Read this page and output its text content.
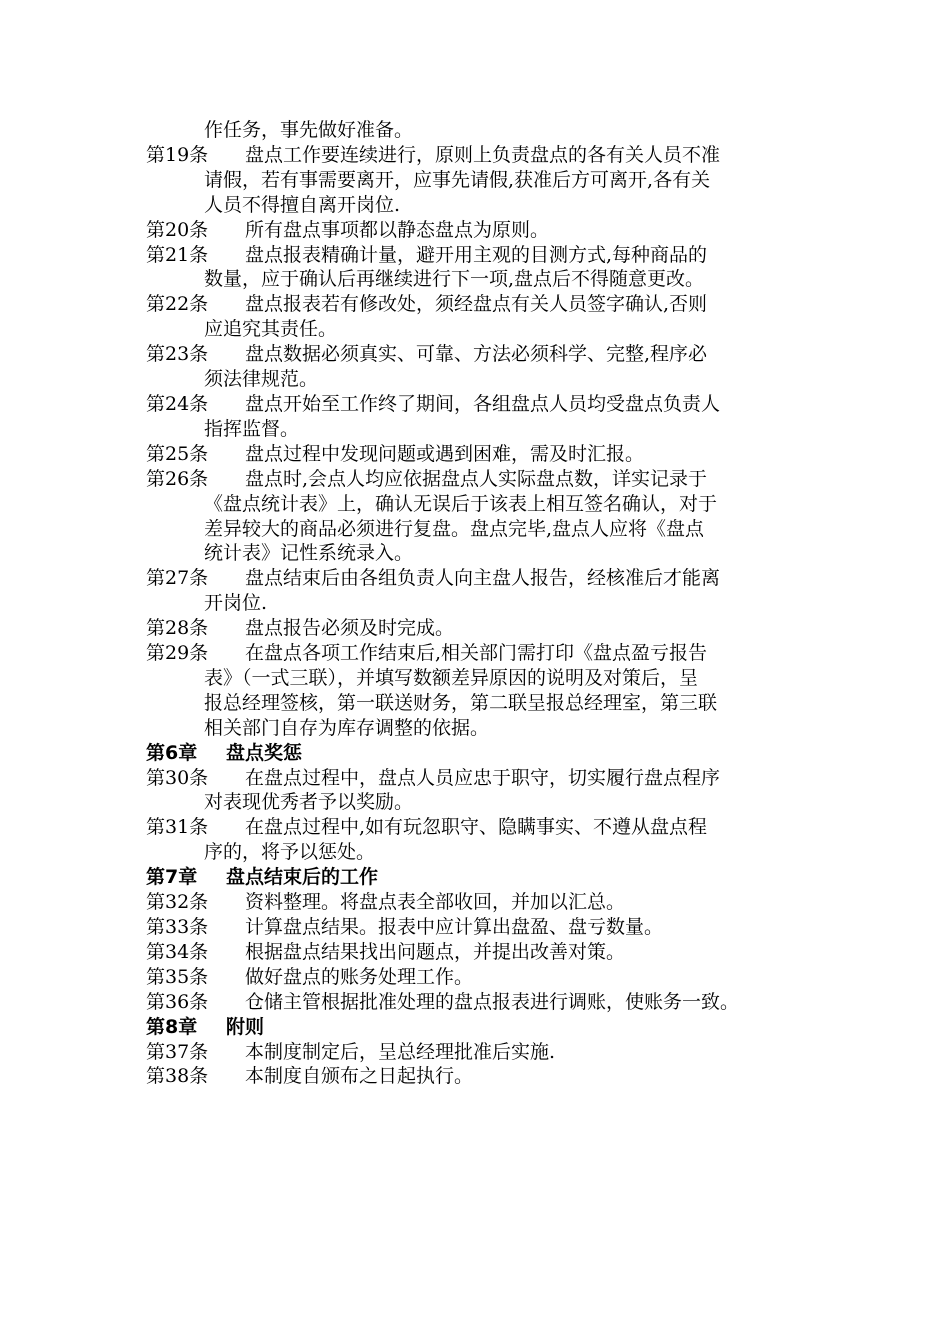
作任务，事先做好准备。
第19条	盘点工作要连续进行，原则上负责盘点的各有关人员不准
请假，若有事需要离开，应事先请假,获准后方可离开,各有关
人员不得擅自离开岗位.
第20条	所有盘点事项都以静态盘点为原则。
第21条	盘点报表精确计量，避开用主观的目测方式,每种商品的
数量，应于确认后再继续进行下一项,盘点后不得随意更改。
第22条	盘点报表若有修改处，须经盘点有关人员签字确认,否则
应追究其责任。
第23条	盘点数据必须真实、可靠、方法必须科学、完整,程序必
须法律规范。
第24条	盘点开始至工作终了期间，各组盘点人员均受盘点负责人
指挥监督。
第25条	盘点过程中发现问题或遇到困难，需及时汇报。
第26条	盘点时,会点人均应依据盘点人实际盘点数，详实记录于
《盘点统计表》上，确认无误后于该表上相互签名确认，对于
差异较大的商品必须进行复盘。盘点完毕,盘点人应将《盘点
统计表》记性系统录入。
第27条	盘点结束后由各组负责人向主盘人报告，经核准后才能离
开岗位.
第28条	盘点报告必须及时完成。
第29条	在盘点各项工作结束后,相关部门需打印《盘点盈亏报告
表》（一式三联），并填写数额差异原因的说明及对策后，呈
报总经理签核，第一联送财务，第二联呈报总经理室，第三联
相关部门自存为库存调整的依据。
第6章	盘点奖惩
第30条	在盘点过程中，盘点人员应忠于职守，切实履行盘点程序
对表现优秀者予以奖励。
第31条	在盘点过程中,如有玩忽职守、隐瞒事实、不遵从盘点程
序的，将予以惩处。
第7章	盘点结束后的工作
第32条	资料整理。将盘点表全部收回，并加以汇总。
第33条	计算盘点结果。报表中应计算出盘盈、盘亏数量。
第34条	根据盘点结果找出问题点，并提出改善对策。
第35条	做好盘点的账务处理工作。
第36条	仓储主管根据批准处理的盘点报表进行调账，使账务一致。
第8章	附则
第37条	本制度制定后，呈总经理批准后实施.
第38条	本制度自颁布之日起执行。
